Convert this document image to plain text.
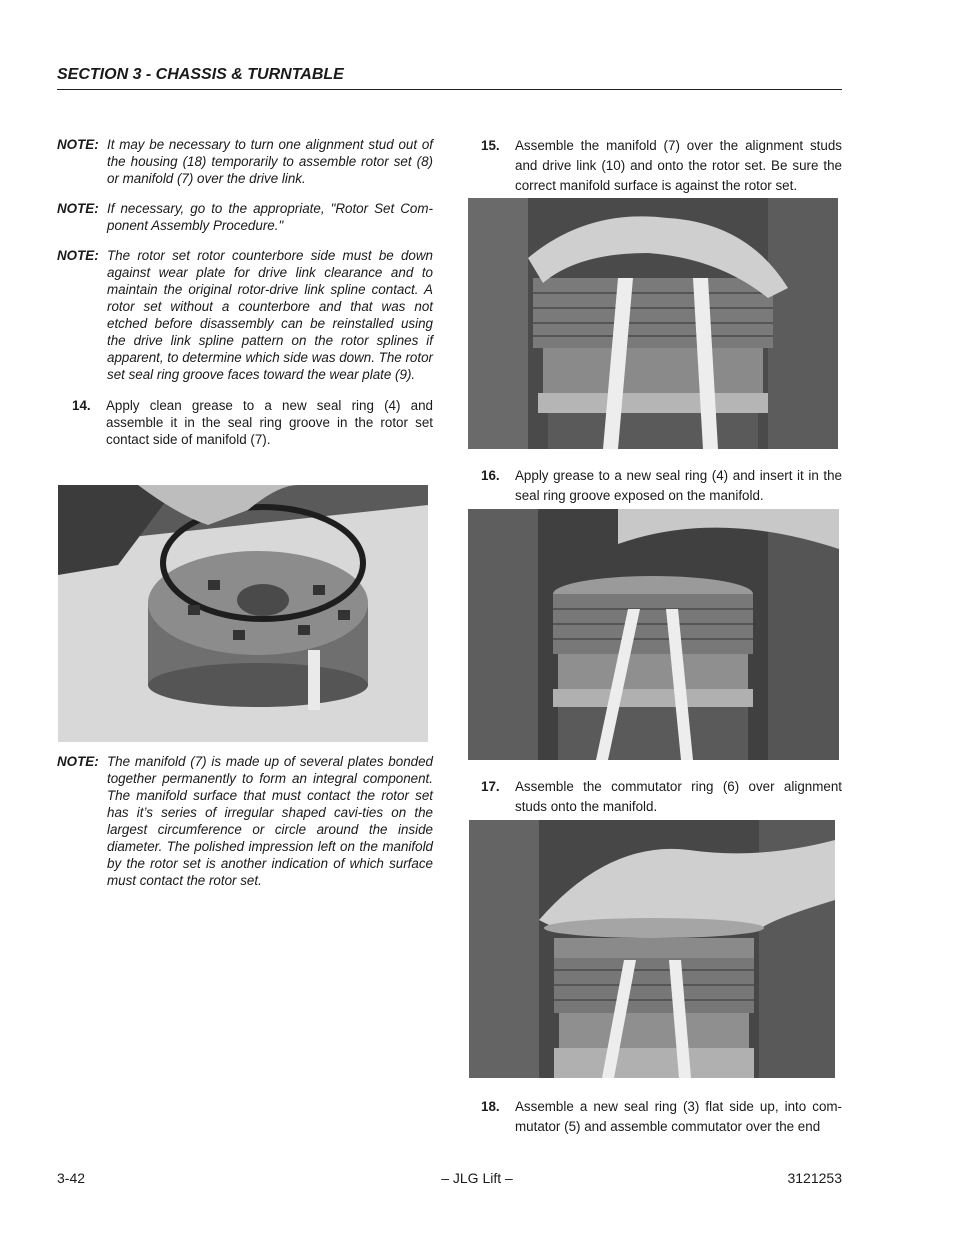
SECTION 3 - CHASSIS & TURNTABLE
NOTE: It may be necessary to turn one alignment stud out of the housing (18) temporarily to assemble rotor set (8) or manifold (7) over the drive link.
NOTE: If necessary, go to the appropriate, "Rotor Set Com-ponent Assembly Procedure."
NOTE: The rotor set rotor counterbore side must be down against wear plate for drive link clearance and to maintain the original rotor-drive link spline contact. A rotor set without a counterbore and that was not etched before disassembly can be reinstalled using the drive link spline pattern on the rotor splines if apparent, to determine which side was down. The rotor set seal ring groove faces toward the wear plate (9).
14.	Apply clean grease to a new seal ring (4) and assemble it in the seal ring groove in the rotor set contact side of manifold (7).
NOTE: The manifold (7) is made up of several plates bonded together permanently to form an integral component. The manifold surface that must contact the rotor set has it’s series of irregular shaped cavi-ties on the largest circumference or circle around the inside diameter. The polished impression left on the manifold by the rotor set is another indication of which surface must contact the rotor set.
15.	Assemble the manifold (7) over the alignment studs and drive link (10) and onto the rotor set. Be sure the correct manifold surface is against the rotor set.
16.	Apply grease to a new seal ring (4) and insert it in the seal ring groove exposed on the manifold.
17.	Assemble the commutator ring (6) over alignment studs onto the manifold.
18.	Assemble a new seal ring (3) flat side up, into com-mutator (5) and assemble commutator over the end
3-42	– JLG Lift –	3121253
